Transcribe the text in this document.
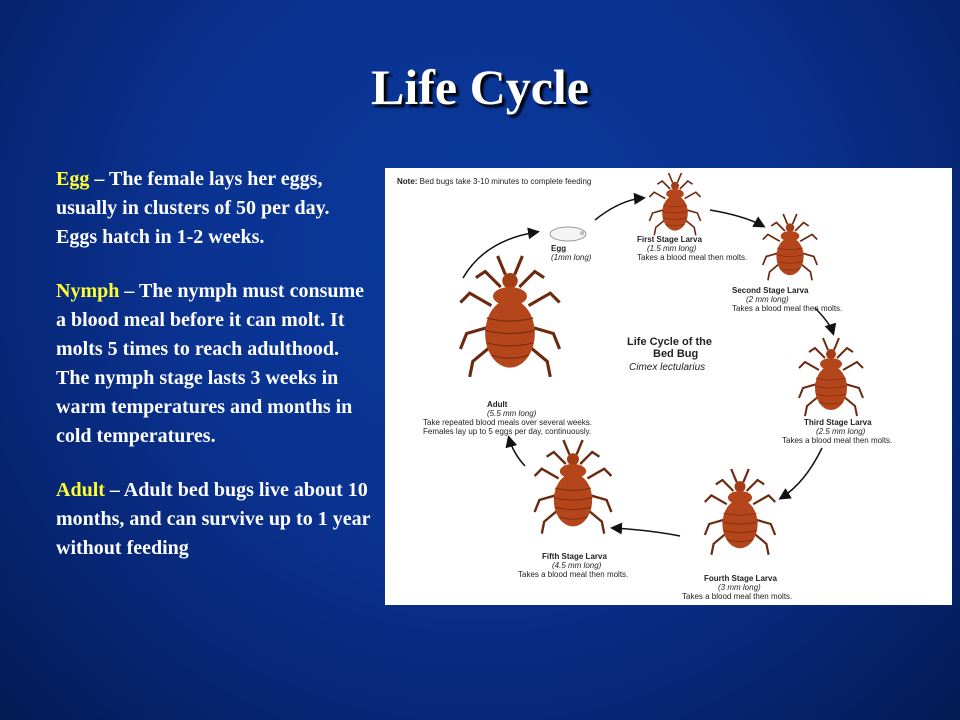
Life Cycle

Egg – The female lays her eggs, usually in clusters of 50 per day. Eggs hatch in 1-2 weeks.

Nymph – The nymph must consume a blood meal before it can molt. It molts 5 times to reach adulthood. The nymph stage lasts 3 weeks in warm temperatures and months in cold temperatures.

Adult – Adult bed bugs live about 10 months, and can survive up to 1 year without feeding

Note: Bed bugs take 3-10 minutes to complete feeding
Egg
(1mm long)
First Stage Larva
(1.5 mm long)
Takes a blood meal then molts.
Second Stage Larva
(2 mm long)
Takes a blood meal then molts.
Third Stage Larva
(2.5 mm long)
Takes a blood meal then molts.
Fourth Stage Larva
(3 mm long)
Takes a blood meal then molts.
Fifth Stage Larva
(4.5 mm long)
Takes a blood meal then molts.
Adult
(5.5 mm long)
Take repeated blood meals over several weeks.
Females lay up to 5 eggs per day, continuously.
Life Cycle of the
Bed Bug
Cimex lectularius
